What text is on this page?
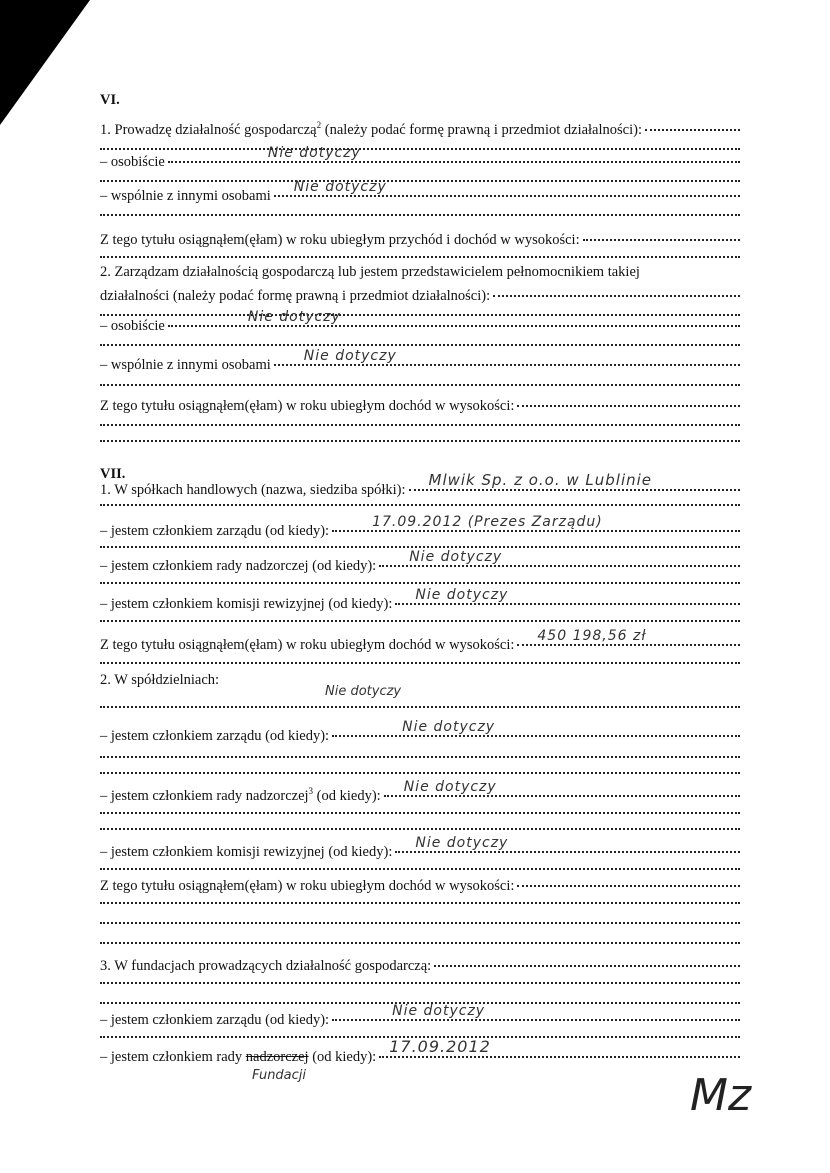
VI.
1. Prowadzę działalność gospodarczą$^2$ (należy podać formę prawną i przedmiot działalności):
– osobiście
Nie dotyczy
– wspólnie z innymi osobami
Nie dotyczy
Z tego tytułu osiągnąłem(ęłam) w roku ubiegłym przychód i dochód w wysokości:
2. Zarządzam działalnością gospodarczą lub jestem przedstawicielem pełnomocnikiem takiej
działalności (należy podać formę prawną i przedmiot działalności):
– osobiście
Nie dotyczy
– wspólnie z innymi osobami
Nie dotyczy
Z tego tytułu osiągnąłem(ęłam) w roku ubiegłym dochód w wysokości:
VII.
1. W spółkach handlowych (nazwa, siedziba spółki):
Mlwik Sp. z o.o. w Lublinie
– jestem członkiem zarządu (od kiedy):
17.09.2012 (Prezes Zarządu)
– jestem członkiem rady nadzorczej (od kiedy):
Nie dotyczy
– jestem członkiem komisji rewizyjnej (od kiedy):
Nie dotyczy
Z tego tytułu osiągnąłem(ęłam) w roku ubiegłym dochód w wysokości:
450 198,56 zł
2. W spółdzielniach:
Nie dotyczy
– jestem członkiem zarządu (od kiedy):
Nie dotyczy
– jestem członkiem rady nadzorczej$^3$ (od kiedy):
Nie dotyczy
– jestem członkiem komisji rewizyjnej (od kiedy):
Nie dotyczy
Z tego tytułu osiągnąłem(ęłam) w roku ubiegłym dochód w wysokości:
3. W fundacjach prowadzących działalność gospodarczą:
– jestem członkiem zarządu (od kiedy):
Nie dotyczy
– jestem członkiem rady nadzorczej (od kiedy):
17.09.2012
Fundacji	Mz
